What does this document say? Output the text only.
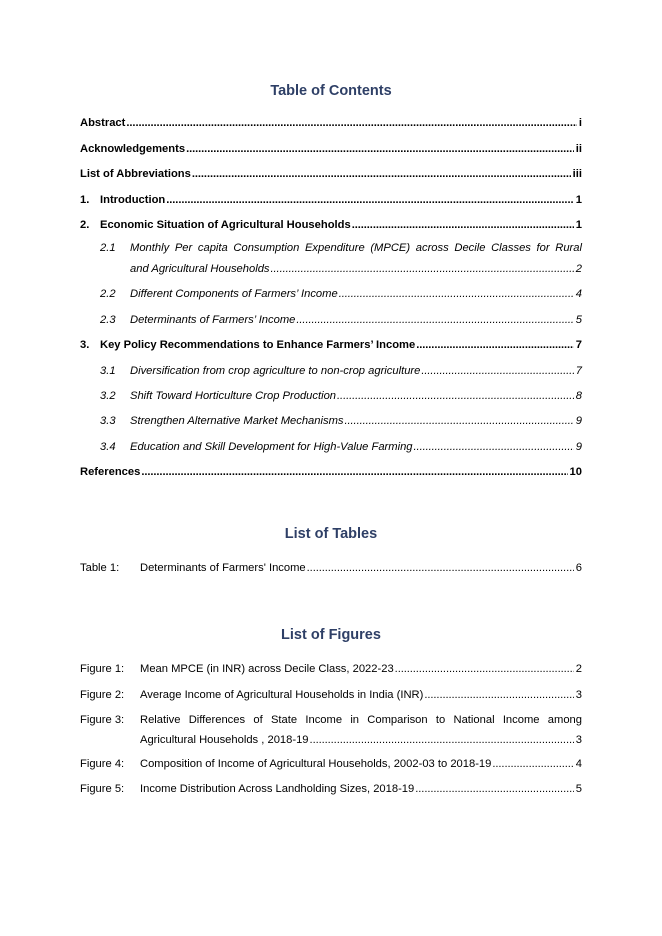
Table of Contents
Abstract . . .	i
Acknowledgements . . .	ii
List of Abbreviations . . .	iii
1. Introduction . . .	1
2. Economic Situation of Agricultural Households . . .	1
2.1 Monthly Per capita Consumption Expenditure (MPCE) across Decile Classes for Rural
and Agricultural Households . . .	2
2.2	Different Components of Farmers’ Income . . .	4
2.3	Determinants of Farmers’ Income . . .	5
3. Key Policy Recommendations to Enhance Farmers’ Income . . .	7
3.1	Diversification from crop agriculture to non-crop agriculture . . .	7
3.2	Shift Toward Horticulture Crop Production . . .	8
3.3	Strengthen Alternative Market Mechanisms . . .	9
3.4	Education and Skill Development for High-Value Farming . . .	9
References . . .	10
List of Tables
Table 1:	Determinants of Farmers' Income . . .	6
List of Figures
Figure 1:	Mean MPCE (in INR) across Decile Class, 2022-23 . . .	2
Figure 2:	Average Income of Agricultural Households in India (INR) . . .	3
Figure 3: Relative Differences of State Income in Comparison to National Income among
Agricultural Households , 2018-19 . . .	3
Figure 4:	Composition of Income of Agricultural Households, 2002-03 to 2018-19 . . .	4
Figure 5:	Income Distribution Across Landholding Sizes, 2018-19 . . .	5
